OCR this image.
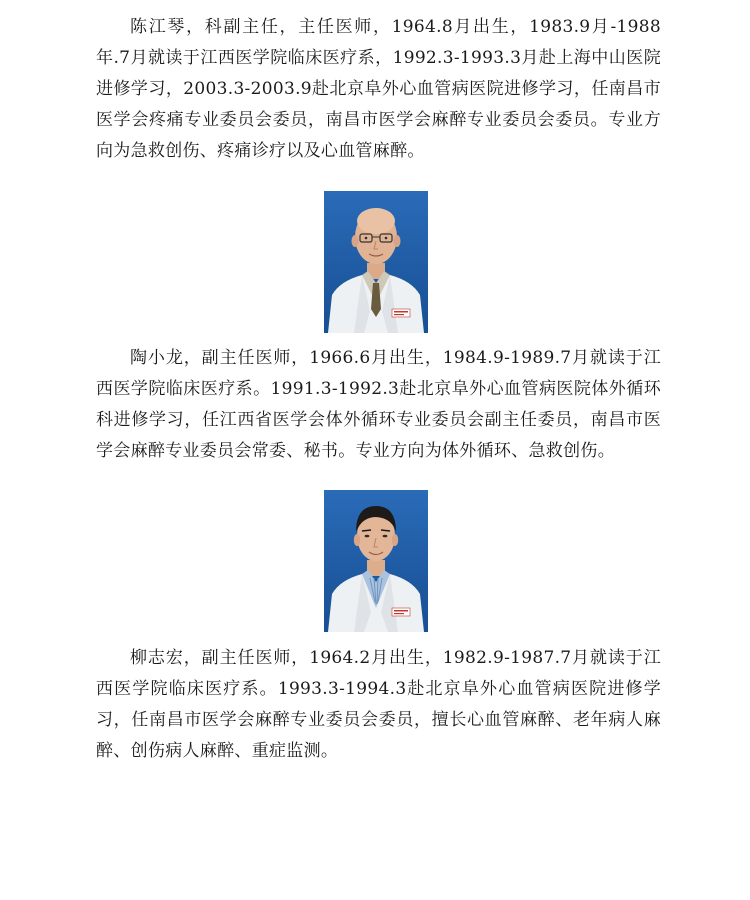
陈江琴，科副主任，主任医师，1964.8月出生，1983.9月-1988年.7月就读于江西医学院临床医疗系，1992.3-1993.3月赴上海中山医院进修学习，2003.3-2003.9赴北京阜外心血管病医院进修学习，任南昌市医学会疼痛专业委员会委员，南昌市医学会麻醉专业委员会委员。专业方向为急救创伤、疼痛诊疗以及心血管麻醉。

陶小龙，副主任医师，1966.6月出生，1984.9-1989.7月就读于江西医学院临床医疗系。1991.3-1992.3赴北京阜外心血管病医院体外循环科进修学习，任江西省医学会体外循环专业委员会副主任委员，南昌市医学会麻醉专业委员会常委、秘书。专业方向为体外循环、急救创伤。

柳志宏，副主任医师，1964.2月出生，1982.9-1987.7月就读于江西医学院临床医疗系。1993.3-1994.3赴北京阜外心血管病医院进修学习，任南昌市医学会麻醉专业委员会委员，擅长心血管麻醉、老年病人麻醉、创伤病人麻醉、重症监测。
